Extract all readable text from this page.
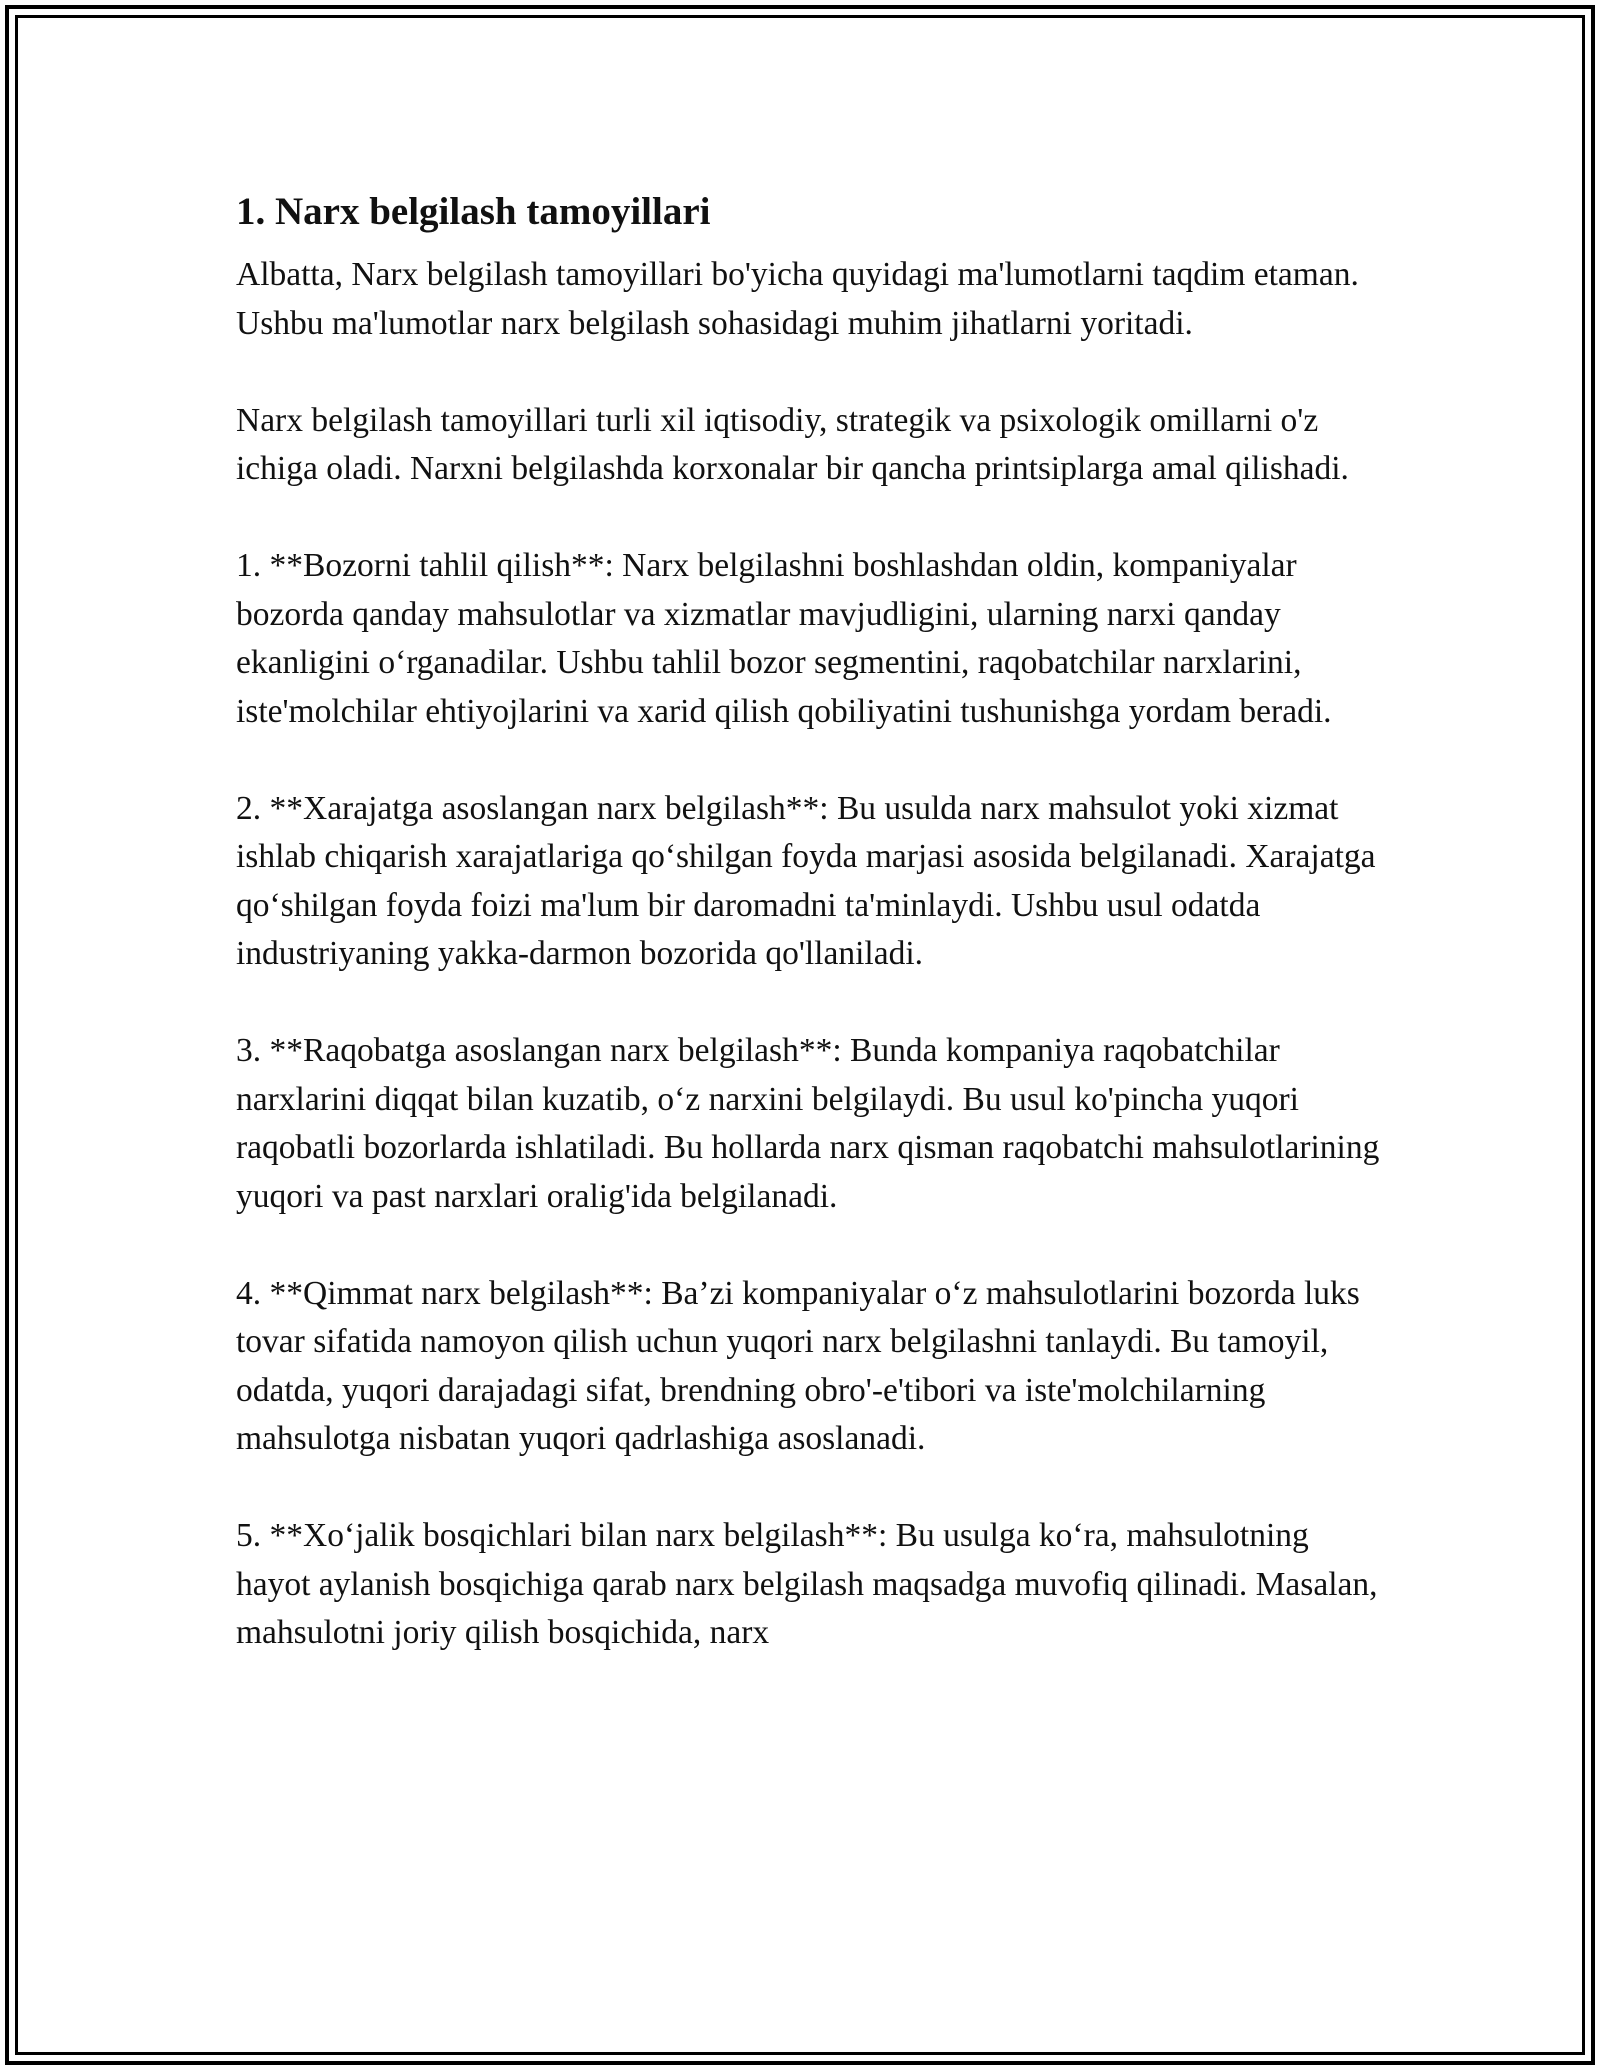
1. Narx belgilash tamoyillari

Albatta, Narx belgilash tamoyillari bo'yicha quyidagi ma'lumotlarni taqdim etaman. Ushbu ma'lumotlar narx belgilash sohasidagi muhim jihatlarni yoritadi.

Narx belgilash tamoyillari turli xil iqtisodiy, strategik va psixologik omillarni o'z ichiga oladi. Narxni belgilashda korxonalar bir qancha printsiplarga amal qilishadi.

1. **Bozorni tahlil qilish**: Narx belgilashni boshlashdan oldin, kompaniyalar bozorda qanday mahsulotlar va xizmatlar mavjudligini, ularning narxi qanday ekanligini o‘rganadilar. Ushbu tahlil bozor segmentini, raqobatchilar narxlarini, iste'molchilar ehtiyojlarini va xarid qilish qobiliyatini tushunishga yordam beradi.

2. **Xarajatga asoslangan narx belgilash**: Bu usulda narx mahsulot yoki xizmat ishlab chiqarish xarajatlariga qo‘shilgan foyda marjasi asosida belgilanadi. Xarajatga qo‘shilgan foyda foizi ma'lum bir daromadni ta'minlaydi. Ushbu usul odatda industriyaning yakka-darmon bozorida qo'llaniladi.

3. **Raqobatga asoslangan narx belgilash**: Bunda kompaniya raqobatchilar narxlarini diqqat bilan kuzatib, o‘z narxini belgilaydi. Bu usul ko'pincha yuqori raqobatli bozorlarda ishlatiladi. Bu hollarda narx qisman raqobatchi mahsulotlarining yuqori va past narxlari oralig'ida belgilanadi.

4. **Qimmat narx belgilash**: Ba’zi kompaniyalar o‘z mahsulotlarini bozorda luks tovar sifatida namoyon qilish uchun yuqori narx belgilashni tanlaydi. Bu tamoyil, odatda, yuqori darajadagi sifat, brendning obro'-e'tibori va iste'molchilarning mahsulotga nisbatan yuqori qadrlashiga asoslanadi.

5. **Xo‘jalik bosqichlari bilan narx belgilash**: Bu usulga ko‘ra, mahsulotning hayot aylanish bosqichiga qarab narx belgilash maqsadga muvofiq qilinadi. Masalan, mahsulotni joriy qilish bosqichida, narx
